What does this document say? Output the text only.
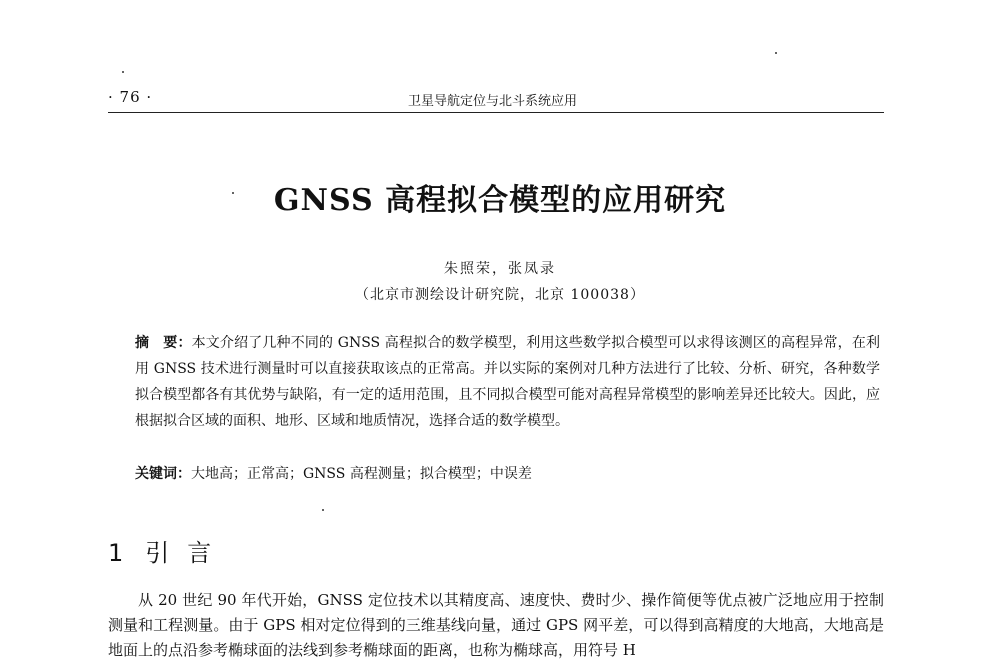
· 76 ·	卫星导航定位与北斗系统应用
GNSS 高程拟合模型的应用研究
朱照荣，张凤录
（北京市测绘设计研究院，北京 100038）
摘　要：本文介绍了几种不同的 GNSS 高程拟合的数学模型，利用这些数学拟合模型可以求得该测区的高程异常，在利用 GNSS 技术进行测量时可以直接获取该点的正常高。并以实际的案例对几种方法进行了比较、分析、研究，各种数学拟合模型都各有其优势与缺陷，有一定的适用范围，且不同拟合模型可能对高程异常模型的影响差异还比较大。因此，应根据拟合区域的面积、地形、区域和地质情况，选择合适的数学模型。
关键词：大地高；正常高；GNSS 高程测量；拟合模型；中误差
1 引言

从 20 世纪 90 年代开始，GNSS 定位技术以其精度高、速度快、费时少、操作简便等优点被广泛地应用于控制测量和工程测量。由于 GPS 相对定位得到的三维基线向量，通过 GPS 网平差，可以得到高精度的大地高，大地高是地面上的点沿参考椭球面的法线到参考椭球面的距离，也称为椭球高，用符号 H
